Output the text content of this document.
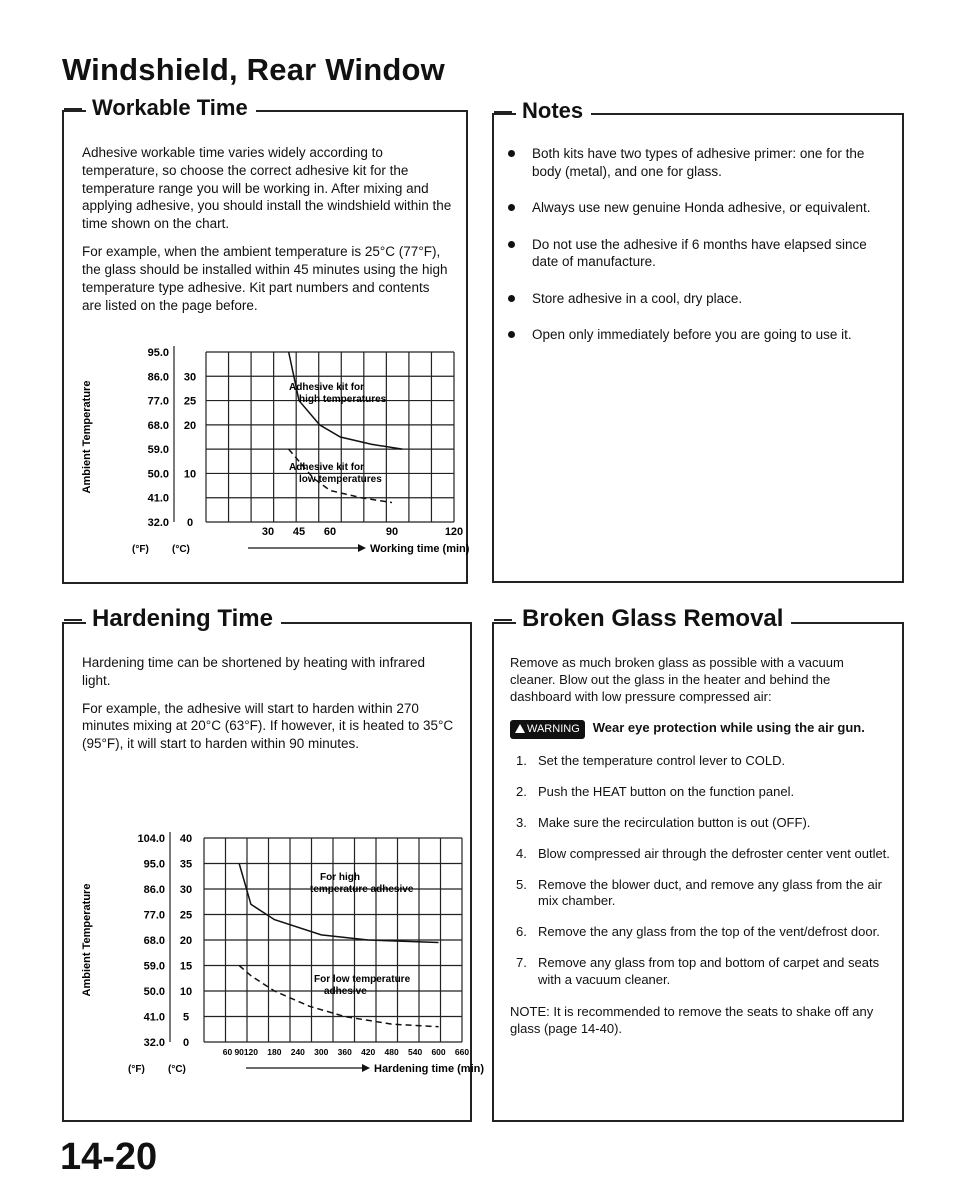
Windshield, Rear Window
Workable Time

Adhesive workable time varies widely according to temperature, so choose the correct adhesive kit for the temperature range you will be working in. After mixing and applying adhesive, you should install the windshield within the time shown on the chart.

For example, when the ambient temperature is 25°C (77°F), the glass should be installed within 45 minutes using the high temperature type adhesive. Kit part numbers and contents are listed on the page before.

95.0
86.0
77.0
68.0
59.0
50.0
41.0
32.0
30
25
20
10
0
30 45 60	90	120
(°F) (°C)	Working time (min)
Ambient Temperature	Adhesive kit for high temperatures
Adhesive kit for low temperatures
Notes
Both kits have two types of adhesive primer: one for the body (metal), and one for glass.
Always use new genuine Honda adhesive, or equivalent.
Do not use the adhesive if 6 months have elapsed since date of manufacture.
Store adhesive in a cool, dry place.
Open only immediately before you are going to use it.
Hardening Time

Hardening time can be shortened by heating with infrared light.

For example, the adhesive will start to harden within 270 minutes mixing at 20°C (63°F). If however, it is heated to 35°C (95°F), it will start to harden within 90 minutes.

104.0
95.0
86.0
77.0
68.0
59.0
50.0
41.0
32.0
40
35
30
25
20
15
10
5
0
60 90 120 180 240 300 360 420 480 540 600 660
(°F) (°C)	Hardening time (min)
Ambient Temperature
For high temperature adhesive
For low temperature adhesive
Broken Glass Removal

Remove as much broken glass as possible with a vacuum cleaner. Blow out the glass in the heater and behind the dashboard with low pressure compressed air:

WARNING Wear eye protection while using the air gun.

1. Set the temperature control lever to COLD.
2. Push the HEAT button on the function panel.
3. Make sure the recirculation button is out (OFF).
4. Blow compressed air through the defroster center vent outlet.
5. Remove the blower duct, and remove any glass from the air mix chamber.
6. Remove the any glass from the top of the vent/defrost door.
7. Remove any glass from top and bottom of carpet and seats with a vacuum cleaner.

NOTE: It is recommended to remove the seats to shake off any glass (page 14-40).

14-20
